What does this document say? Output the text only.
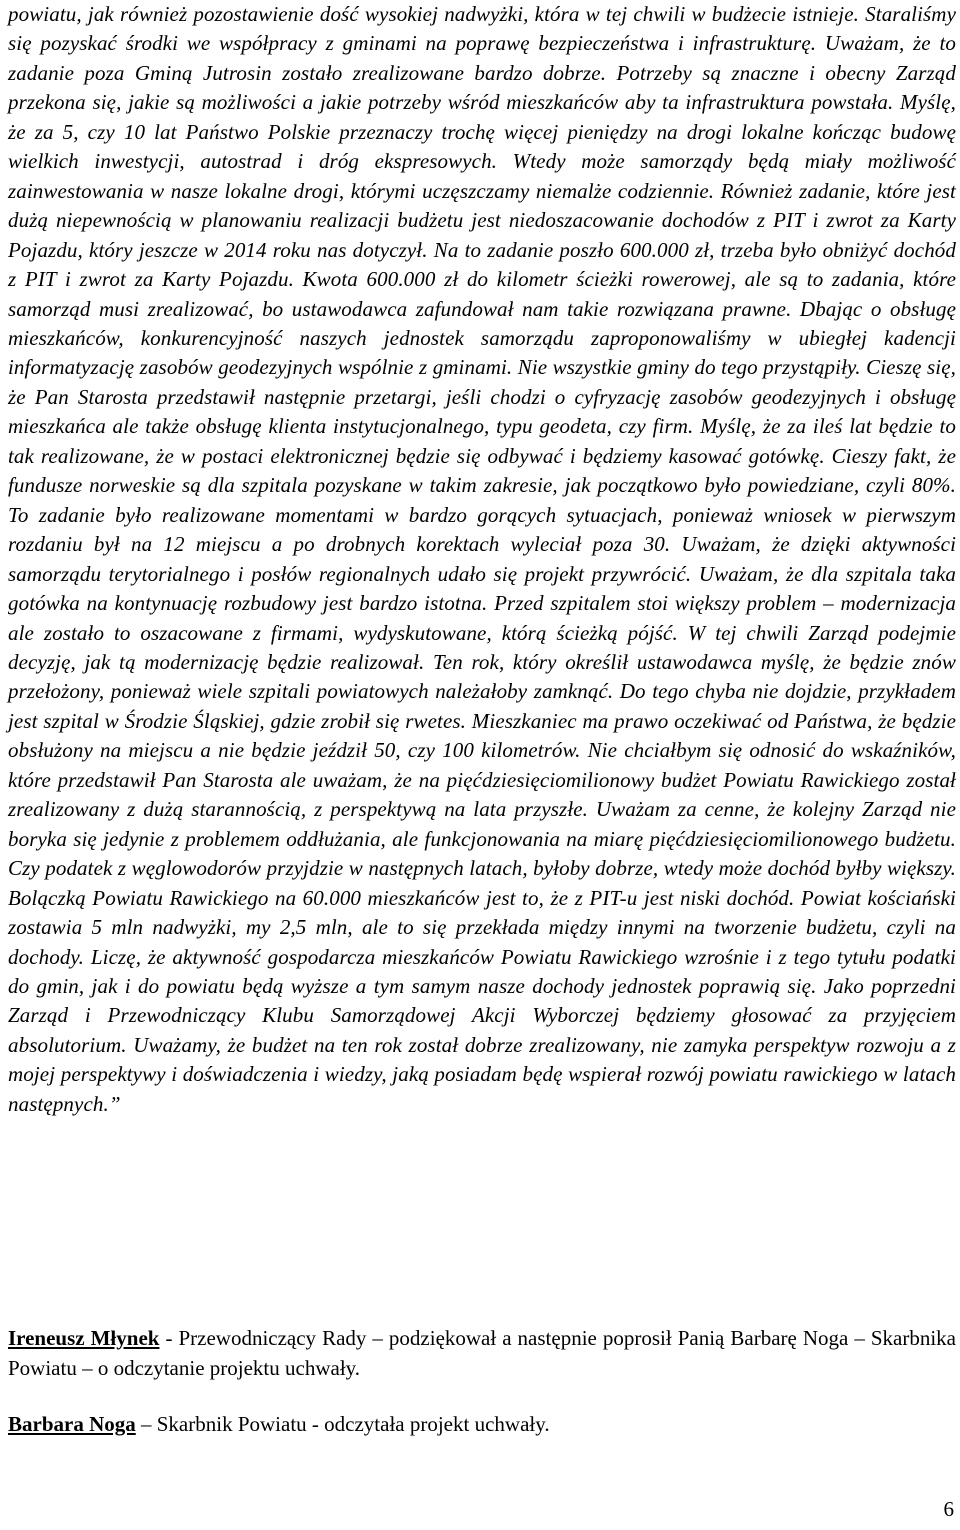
powiatu, jak również pozostawienie dość wysokiej nadwyżki, która w tej chwili w budżecie istnieje. Staraliśmy się pozyskać środki we współpracy z gminami na poprawę bezpieczeństwa i infrastrukturę. Uważam, że to zadanie poza Gminą Jutrosin zostało zrealizowane bardzo dobrze. Potrzeby są znaczne i obecny Zarząd przekona się, jakie są możliwości a jakie potrzeby wśród mieszkańców aby ta infrastruktura powstała. Myślę, że za 5, czy 10 lat Państwo Polskie przeznaczy trochę więcej pieniędzy na drogi lokalne kończąc budowę wielkich inwestycji, autostrad i dróg ekspresowych. Wtedy może samorządy będą miały możliwość zainwestowania w nasze lokalne drogi, którymi uczęszczamy niemalże codziennie. Również zadanie, które jest dużą niepewnością w planowaniu realizacji budżetu jest niedoszacowanie dochodów z PIT i zwrot za Karty Pojazdu, który jeszcze w 2014 roku nas dotyczył. Na to zadanie poszło 600.000 zł, trzeba było obniżyć dochód z PIT i zwrot za Karty Pojazdu. Kwota 600.000 zł do kilometr ścieżki rowerowej, ale są to zadania, które samorząd musi zrealizować, bo ustawodawca zafundował nam takie rozwiązana prawne. Dbając o obsługę mieszkańców, konkurencyjność naszych jednostek samorządu zaproponowaliśmy w ubiegłej kadencji informatyzację zasobów geodezyjnych wspólnie z gminami. Nie wszystkie gminy do tego przystąpiły. Cieszę się, że Pan Starosta przedstawił następnie przetargi, jeśli chodzi o cyfryzację zasobów geodezyjnych i obsługę mieszkańca ale także obsługę klienta instytucjonalnego, typu geodeta, czy firm. Myślę, że za ileś lat będzie to tak realizowane, że w postaci elektronicznej będzie się odbywać i będziemy kasować gotówkę. Cieszy fakt, że fundusze norweskie są dla szpitala pozyskane w takim zakresie, jak początkowo było powiedziane, czyli 80%. To zadanie było realizowane momentami w bardzo gorących sytuacjach, ponieważ wniosek w pierwszym rozdaniu był na 12 miejscu a po drobnych korektach wyleciał poza 30. Uważam, że dzięki aktywności samorządu terytorialnego i posłów regionalnych udało się projekt przywrócić. Uważam, że dla szpitala taka gotówka na kontynuację rozbudowy jest bardzo istotna. Przed szpitalem stoi większy problem – modernizacja ale zostało to oszacowane z firmami, wydyskutowane, którą ścieżką pójść. W tej chwili Zarząd podejmie decyzję, jak tą modernizację będzie realizował. Ten rok, który określił ustawodawca myślę, że będzie znów przełożony, ponieważ wiele szpitali powiatowych należałoby zamknąć. Do tego chyba nie dojdzie, przykładem jest szpital w Środzie Śląskiej, gdzie zrobił się rwetes. Mieszkaniec ma prawo oczekiwać od Państwa, że będzie obsłużony na miejscu a nie będzie jeździł 50, czy 100 kilometrów. Nie chciałbym się odnosić do wskaźników, które przedstawił Pan Starosta ale uważam, że na pięćdziesięciomilionowy budżet Powiatu Rawickiego został zrealizowany z dużą starannością, z perspektywą na lata przyszłe. Uważam za cenne, że kolejny Zarząd nie boryka się jedynie z problemem oddłużania, ale funkcjonowania na miarę pięćdziesięciomilionowego budżetu. Czy podatek z węglowodorów przyjdzie w następnych latach, byłoby dobrze, wtedy może dochód byłby większy. Bolączką Powiatu Rawickiego na 60.000 mieszkańców jest to, że z PIT-u jest niski dochód. Powiat kościański zostawia 5 mln nadwyżki, my 2,5 mln, ale to się przekłada między innymi na tworzenie budżetu, czyli na dochody. Liczę, że aktywność gospodarcza mieszkańców Powiatu Rawickiego wzrośnie i z tego tytułu podatki do gmin, jak i do powiatu będą wyższe a tym samym nasze dochody jednostek poprawią się. Jako poprzedni Zarząd i Przewodniczący Klubu Samorządowej Akcji Wyborczej będziemy głosować za przyjęciem absolutorium. Uważamy, że budżet na ten rok został dobrze zrealizowany, nie zamyka perspektyw rozwoju a z mojej perspektywy i doświadczenia i wiedzy, jaką posiadam będę wspierał rozwój powiatu rawickiego w latach następnych.”

Ireneusz Młynek - Przewodniczący Rady – podziękował a następnie poprosił Panią Barbarę Noga – Skarbnika Powiatu – o odczytanie projektu uchwały.

Barbara Noga – Skarbnik Powiatu - odczytała projekt uchwały.

6
